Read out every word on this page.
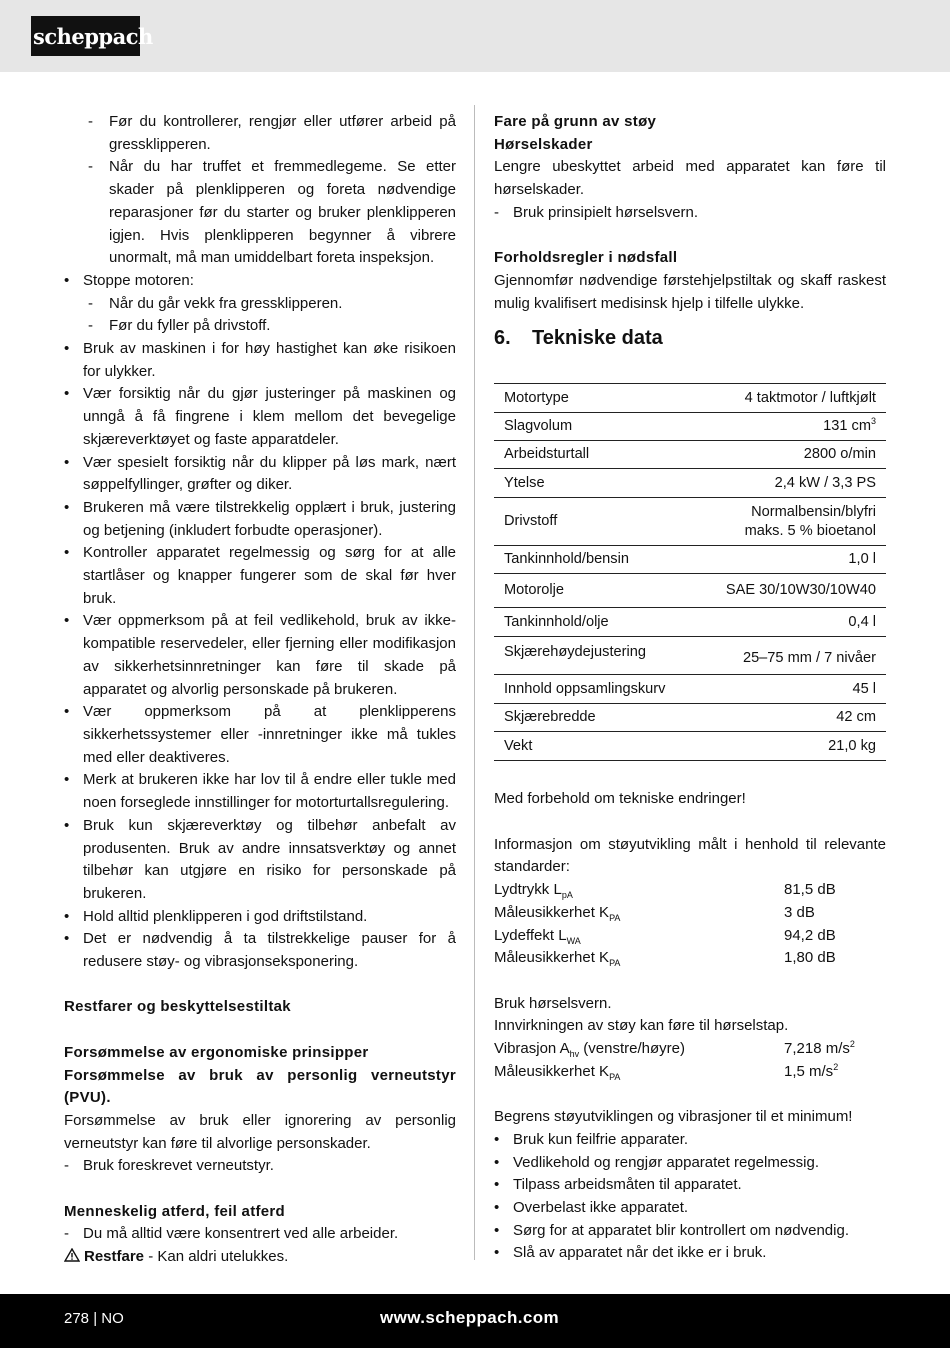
scheppach
- Før du kontrollerer, rengjør eller utfører arbeid på gressklipperen.
- Når du har truffet et fremmedlegeme. Se etter skader på plenklipperen og foreta nødvendige reparasjoner før du starter og bruker plenklipperen igjen. Hvis plenklipperen begynner å vibrere unormalt, må man umiddelbart foreta inspeksjon.
• Stoppe motoren:
- Når du går vekk fra gressklipperen.
- Før du fyller på drivstoff.
• Bruk av maskinen i for høy hastighet kan øke risikoen for ulykker.
• Vær forsiktig når du gjør justeringer på maskinen og unngå å få fingrene i klem mellom det bevegelige skjæreverktøyet og faste apparatdeler.
• Vær spesielt forsiktig når du klipper på løs mark, nært søppelfyllinger, grøfter og diker.
• Brukeren må være tilstrekkelig opplært i bruk, justering og betjening (inkludert forbudte operasjoner).
• Kontroller apparatet regelmessig og sørg for at alle startlåser og knapper fungerer som de skal før hver bruk.
• Vær oppmerksom på at feil vedlikehold, bruk av ikke-kompatible reservedeler, eller fjerning eller modifikasjon av sikkerhetsinnretninger kan føre til skade på apparatet og alvorlig personskade på brukeren.
• Vær oppmerksom på at plenklipperens sikkerhetssystemer eller -innretninger ikke må tukles med eller deaktiveres.
• Merk at brukeren ikke har lov til å endre eller tukle med noen forseglede innstillinger for motorturtallsregulering.
• Bruk kun skjæreverktøy og tilbehør anbefalt av produsenten. Bruk av andre innsatsverktøy og annet tilbehør kan utgjøre en risiko for personskade på brukeren.
• Hold alltid plenklipperen i god driftstilstand.
• Det er nødvendig å ta tilstrekkelige pauser for å redusere støy- og vibrasjonseksponering.
Restfarer og beskyttelsestiltak
Forsømmelse av ergonomiske prinsipper
Forsømmelse av bruk av personlig verneutstyr (PVU).
Forsømmelse av bruk eller ignorering av personlig verneutstyr kan føre til alvorlige personskader.
- Bruk foreskrevet verneutstyr.
Menneskelig atferd, feil atferd
- Du må alltid være konsentrert ved alle arbeider.
Restfare - Kan aldri utelukkes.
Fare på grunn av støy
Hørselskader
Lengre ubeskyttet arbeid med apparatet kan føre til hørselskader.
- Bruk prinsipielt hørselsvern.
Forholdsregler i nødsfall
Gjennomfør nødvendige førstehjelpstiltak og skaff raskest mulig kvalifisert medisinsk hjelp i tilfelle ulykke.
6. Tekniske data
Motortype	4 taktmotor / luftkjølt
Slagvolum	131 $cm^3$
Arbeidsturtall	2800 o/min
Ytelse	2,4 kW / 3,3 PS
Drivstoff	Normalbensin/blyfri
maks. 5 % bioetanol

Tankinnhold/bensin	1,0 l
Motorolje	SAE 30/10W30/10W40
Tankinnhold/olje	0,4 l
Skjærehøydejustering	25–75 mm / 7 nivåer
Innhold oppsamlingskurv	45 l
Skjærebredde	42 cm
Vekt	21,0 kg
Med forbehold om tekniske endringer!
Informasjon om støyutvikling målt i henhold til relevante standarder:
Lydtrykk $L_{pA}$	81,5 dB
Måleusikkerhet $K_{PA}$	3 dB
Lydeffekt $L_{WA}$	94,2 dB
Måleusikkerhet $K_{PA}$	1,80 dB
Bruk hørselsvern.
Innvirkningen av støy kan føre til hørselstap.
Vibrasjon $A_{hv}$ (venstre/høyre)	7,218 $m/s^2$
Måleusikkerhet $K_{PA}$	1,5 $m/s^2$
Begrens støyutviklingen og vibrasjoner til et minimum!
• Bruk kun feilfrie apparater.
• Vedlikehold og rengjør apparatet regelmessig.
• Tilpass arbeidsmåten til apparatet.
• Overbelast ikke apparatet.
• Sørg for at apparatet blir kontrollert om nødvendig.
• Slå av apparatet når det ikke er i bruk.
278 | NO	www.scheppach.com
